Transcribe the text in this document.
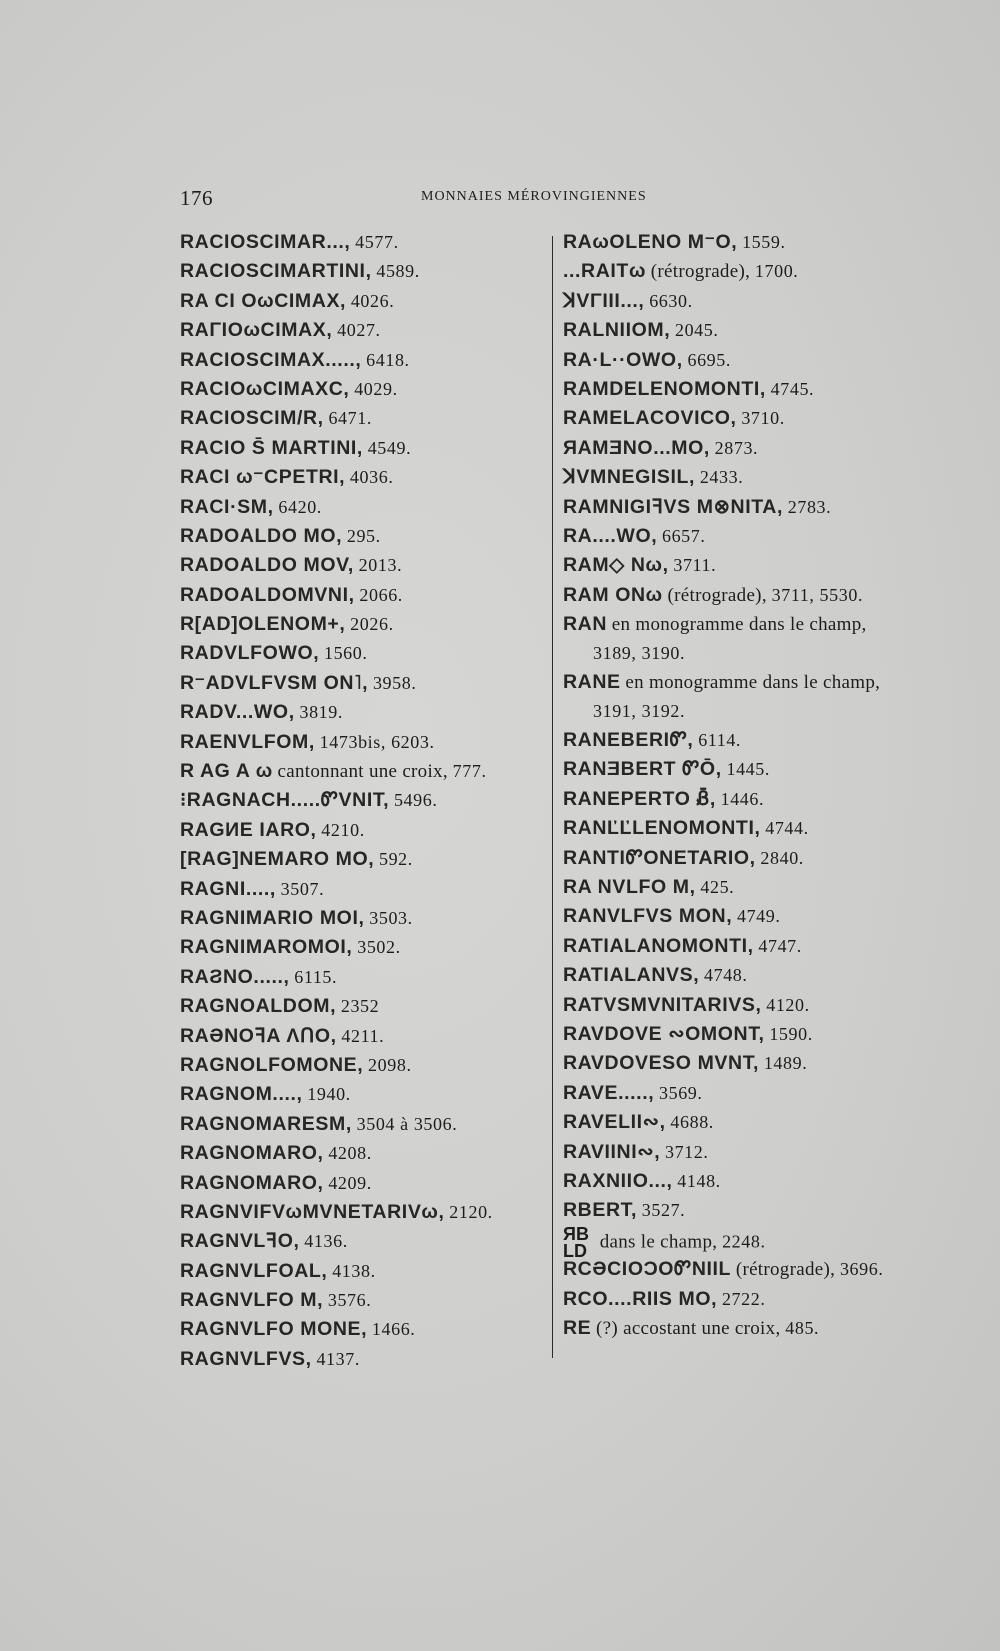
176	MONNAIES MÉROVINGIENNES
RACIOSCIMAR..., 4577.
RACIOSCIMARTINI, 4589.
RA CI OωCIMAX, 4026.
RAΓIOωCIMAX, 4027.
RACIOSCIMAX....., 6418.
RACIOωCIMAXC, 4029.
RACIOSCIM/R, 6471.
RACIO S̄ MARTINI, 4549.
RACI ω⁻CPETRI, 4036.
RACI·SM, 6420.
RADOALDO MO, 295.
RADOALDO MOV, 2013.
RADOALDOMVNI, 2066.
R[AD]OLENOM+, 2026.
RADVLFOWO, 1560.
R⁻ADVLFVSM ON˥, 3958.
RADV...WO, 3819.
RAENVLFOM, 1473bis, 6203.
R AG A ω cantonnant une croix, 777.
⁝RAGNACH.....ᏛVNIT, 5496.
RAGИE IARO, 4210.
[RAG]NEMARO MO, 592.
RAGNI...., 3507.
RAGNIMARIO MOI, 3503.
RAGNIMAROMOI, 3502.
RAϨNO....., 6115.
RAGNOALDOM, 2352
RAƏNOꟻA ΛᑎO, 4211.
RAGNOLFOMONE, 2098.
RAGNOM...., 1940.
RAGNOMARESM, 3504 à 3506.
RAGNOMARO, 4208.
RAGNOMARO, 4209.
RAGNVIFVωMVNETARIVω, 2120.
RAGNVLꟻO, 4136.
RAGNVLFOAL, 4138.
RAGNVLFO M, 3576.
RAGNVLFO MONE, 1466.
RAGNVLFVS, 4137.
RAωOLENO M⁻O, 1559.
...RAITω (rétrograde), 1700.
ꓘVΓIII..., 6630.
RALNIIOM, 2045.
RA·L··OWO, 6695.
RAMDELENOMONTI, 4745.
RAMELACOVICO, 3710.
ЯAMƎNO...MO, 2873.
ꓘVMNEGISIL, 2433.
RAMNIGIꟻVS M⊗NITA, 2783.
RA....WO, 6657.
RAM◇ Nω, 3711.
RAM ONω (rétrograde), 3711, 5530.
RAN en monogramme dans le champ,
3189, 3190.
RANE en monogramme dans le champ,
3191, 3192.
RANEBERIᏛ, 6114.
RANƎBERT ᏛŌ, 1445.
RANEPERTO Ᏸ̄, 1446.
RANĽĽLENOMONTI, 4744.
RANTIᏛONETARIO, 2840.
RA NVLFO M, 425.
RANVLFVS MON, 4749.
RATIALANOMONTI, 4747.
RATIALANVS, 4748.
RATVSMVNITARIVS, 4120.
RAVDOVE ∾OMONT, 1590.
RAVDOVESO MVNT, 1489.
RAVE....., 3569.
RAVELII∾, 4688.
RAVIINI∾, 3712.
RAXNIIO..., 4148.
RBERT, 3527.
ЯB
LD dans le champ, 2248.
RCƏCIOƆOᏛNIIL (rétrograde), 3696.
RCO....RIIS MO, 2722.
RE (?) accostant une croix, 485.
